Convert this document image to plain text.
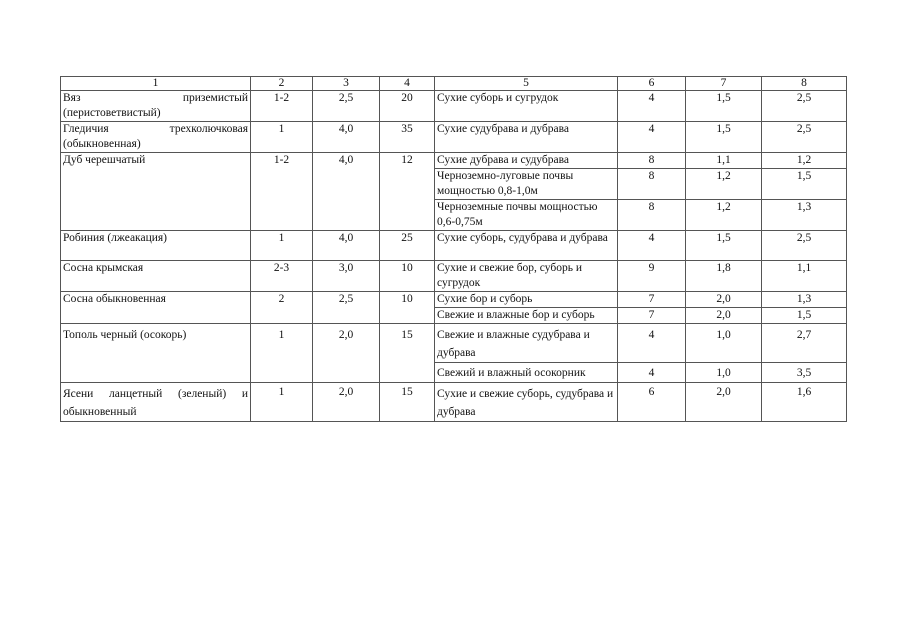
1	2	3	4	5	6	7	8
Вяз приземистый (перистоветвистый)	1-2	2,5	20	Сухие суборь и сугрудок	4	1,5	2,5
Гледичия трехколючковая (обыкновенная)	1	4,0	35	Сухие судубрава и дубрава	4	1,5	2,5
Дуб черешчатый	1-2	4,0	12	Сухие дубрава и судубрава	8	1,1	1,2
				Черноземно-луговые почвы мощностью 0,8-1,0м	8	1,2	1,5
				Черноземные почвы мощностью 0,6-0,75м	8	1,2	1,3
Робиния (лжеакация)	1	4,0	25	Сухие суборь, судубрава и дубрава	4	1,5	2,5
Сосна крымская	2-3	3,0	10	Сухие и свежие бор, суборь и сугрудок	9	1,8	1,1
Сосна обыкновенная	2	2,5	10	Сухие бор и суборь	7	2,0	1,3
				Свежие и влажные бор и суборь	7	2,0	1,5
Тополь черный (осокорь)	1	2,0	15	Свежие и влажные судубрава и дубрава	4	1,0	2,7
				Свежий и влажный осокорник	4	1,0	3,5
Ясени ланцетный (зеленый) и обыкновенный	1	2,0	15	Сухие и свежие суборь, судубрава и дубрава	6	2,0	1,6
